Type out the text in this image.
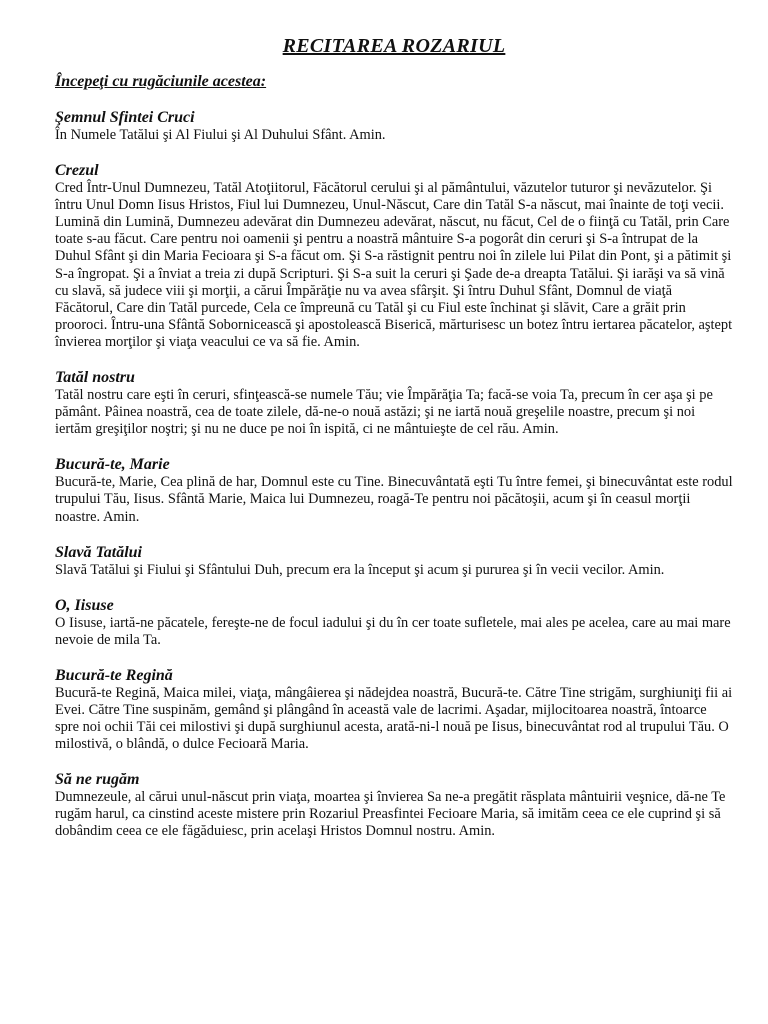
RECITAREA ROZARIUL
Începeţi cu rugăciunile acestea:
Şemnul Sfintei Cruci
În Numele Tatălui şi Al Fiului şi Al Duhului Sfânt. Amin.
Crezul
Cred Într-Unul Dumnezeu, Tatăl Atoţiitorul, Făcătorul cerului şi al pământului, văzutelor tuturor şi nevăzutelor. Şi întru Unul Domn Iisus Hristos, Fiul lui Dumnezeu, Unul-Născut, Care din Tatăl S-a născut, mai înainte de toţi vecii. Lumină din Lumină, Dumnezeu adevărat din Dumnezeu adevărat, născut, nu făcut, Cel de o fiinţă cu Tatăl, prin Care toate s-au făcut. Care pentru noi oamenii şi pentru a noastră mântuire S-a pogorât din ceruri şi S-a întrupat de la Duhul Sfânt şi din Maria Fecioara şi S-a făcut om. Şi S-a răstignit pentru noi în zilele lui Pilat din Pont, şi a pătimit şi S-a îngropat. Şi a înviat a treia zi după Scripturi. Şi S-a suit la ceruri şi Şade de-a dreapta Tatălui. Şi iarăşi va să vină cu slavă, să judece viii şi morţii, a cărui Împărăţie nu va avea sfârşit. Şi întru Duhul Sfânt, Domnul de viaţă Făcătorul, Care din Tatăl purcede, Cela ce împreună cu Tatăl şi cu Fiul este închinat şi slăvit, Care a grăit prin prooroci. Întru-una Sfântă Sobornicească şi apostolească Biserică, mărturisesc un botez întru iertarea păcatelor, aştept învierea morţilor şi viaţa veacului ce va să fie. Amin.
Tatăl nostru
Tatăl nostru care eşti în ceruri, sfinţească-se numele Tău; vie Împărăţia Ta; facă-se voia Ta, precum în cer aşa şi pe pământ. Pâinea noastră, cea de toate zilele, dă-ne-o nouă astăzi; şi ne iartă nouă greşelile noastre, precum şi noi iertăm greşiţilor noştri; şi nu ne duce pe noi în ispită, ci ne mântuieşte de cel rău. Amin.
Bucură-te, Marie
Bucură-te, Marie, Cea plină de har, Domnul este cu Tine. Binecuvântată eşti Tu între femei, şi binecuvântat este rodul trupului Tău, Iisus. Sfântă Marie, Maica lui Dumnezeu, roagă-Te pentru noi păcătoşii, acum şi în ceasul morţii noastre. Amin.
Slavă Tatălui
Slavă Tatălui şi Fiului şi Sfântului Duh, precum era la început şi acum şi pururea şi în vecii vecilor. Amin.
O, Iisuse
O Iisuse, iartă-ne păcatele, fereşte-ne de focul iadului şi du în cer toate sufletele, mai ales pe acelea, care au mai mare nevoie de mila Ta.
Bucură-te Regină
Bucură-te Regină, Maica milei, viaţa, mângâierea şi nădejdea noastră, Bucură-te. Către Tine strigăm, surghiuniţi fii ai Evei. Către Tine suspinăm, gemând şi plângând în această vale de lacrimi. Aşadar, mijlocitoarea noastră, întoarce spre noi ochii Tăi cei milostivi şi după surghiunul acesta, arată-ni-l nouă pe Iisus, binecuvântat rod al trupului Tău. O milostivă, o blândă, o dulce Fecioară Maria.
Să ne rugăm
Dumnezeule, al cărui unul-născut prin viaţa, moartea şi învierea Sa ne-a pregătit răsplata mântuirii veşnice, dă-ne Te rugăm harul, ca cinstind aceste mistere prin Rozariul Preasfintei Fecioare Maria, să imităm ceea ce ele cuprind şi să dobândim ceea ce ele făgăduiesc, prin acelaşi Hristos Domnul nostru. Amin.
